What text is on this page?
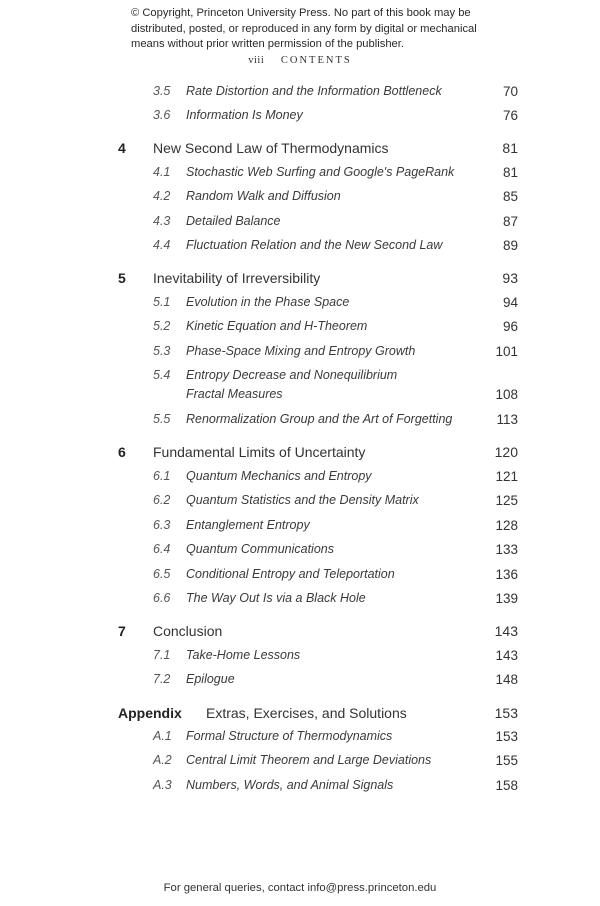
© Copyright, Princeton University Press. No part of this book may be
distributed, posted, or reproduced in any form by digital or mechanical
means without prior written permission of the publisher.
viii CONTENTS
3.5 Rate Distortion and the Information Bottleneck	70
3.6 Information Is Money	76
4 New Second Law of Thermodynamics	81
4.1 Stochastic Web Surfing and Google's PageRank	81
4.2 Random Walk and Diffusion	85
4.3 Detailed Balance	87
4.4 Fluctuation Relation and the New Second Law	89
5 Inevitability of Irreversibility	93
5.1 Evolution in the Phase Space	94
5.2 Kinetic Equation and H-Theorem	96
5.3 Phase-Space Mixing and Entropy Growth	101
5.4 Entropy Decrease and Nonequilibrium
Fractal Measures	108
5.5 Renormalization Group and the Art of Forgetting	113
6 Fundamental Limits of Uncertainty	120
6.1 Quantum Mechanics and Entropy	121
6.2 Quantum Statistics and the Density Matrix	125
6.3 Entanglement Entropy	128
6.4 Quantum Communications	133
6.5 Conditional Entropy and Teleportation	136
6.6 The Way Out Is via a Black Hole	139
7 Conclusion	143
7.1 Take-Home Lessons	143
7.2 Epilogue	148
Appendix Extras, Exercises, and Solutions	153
A.1 Formal Structure of Thermodynamics	153
A.2 Central Limit Theorem and Large Deviations	155
A.3 Numbers, Words, and Animal Signals	158
For general queries, contact info@press.princeton.edu
